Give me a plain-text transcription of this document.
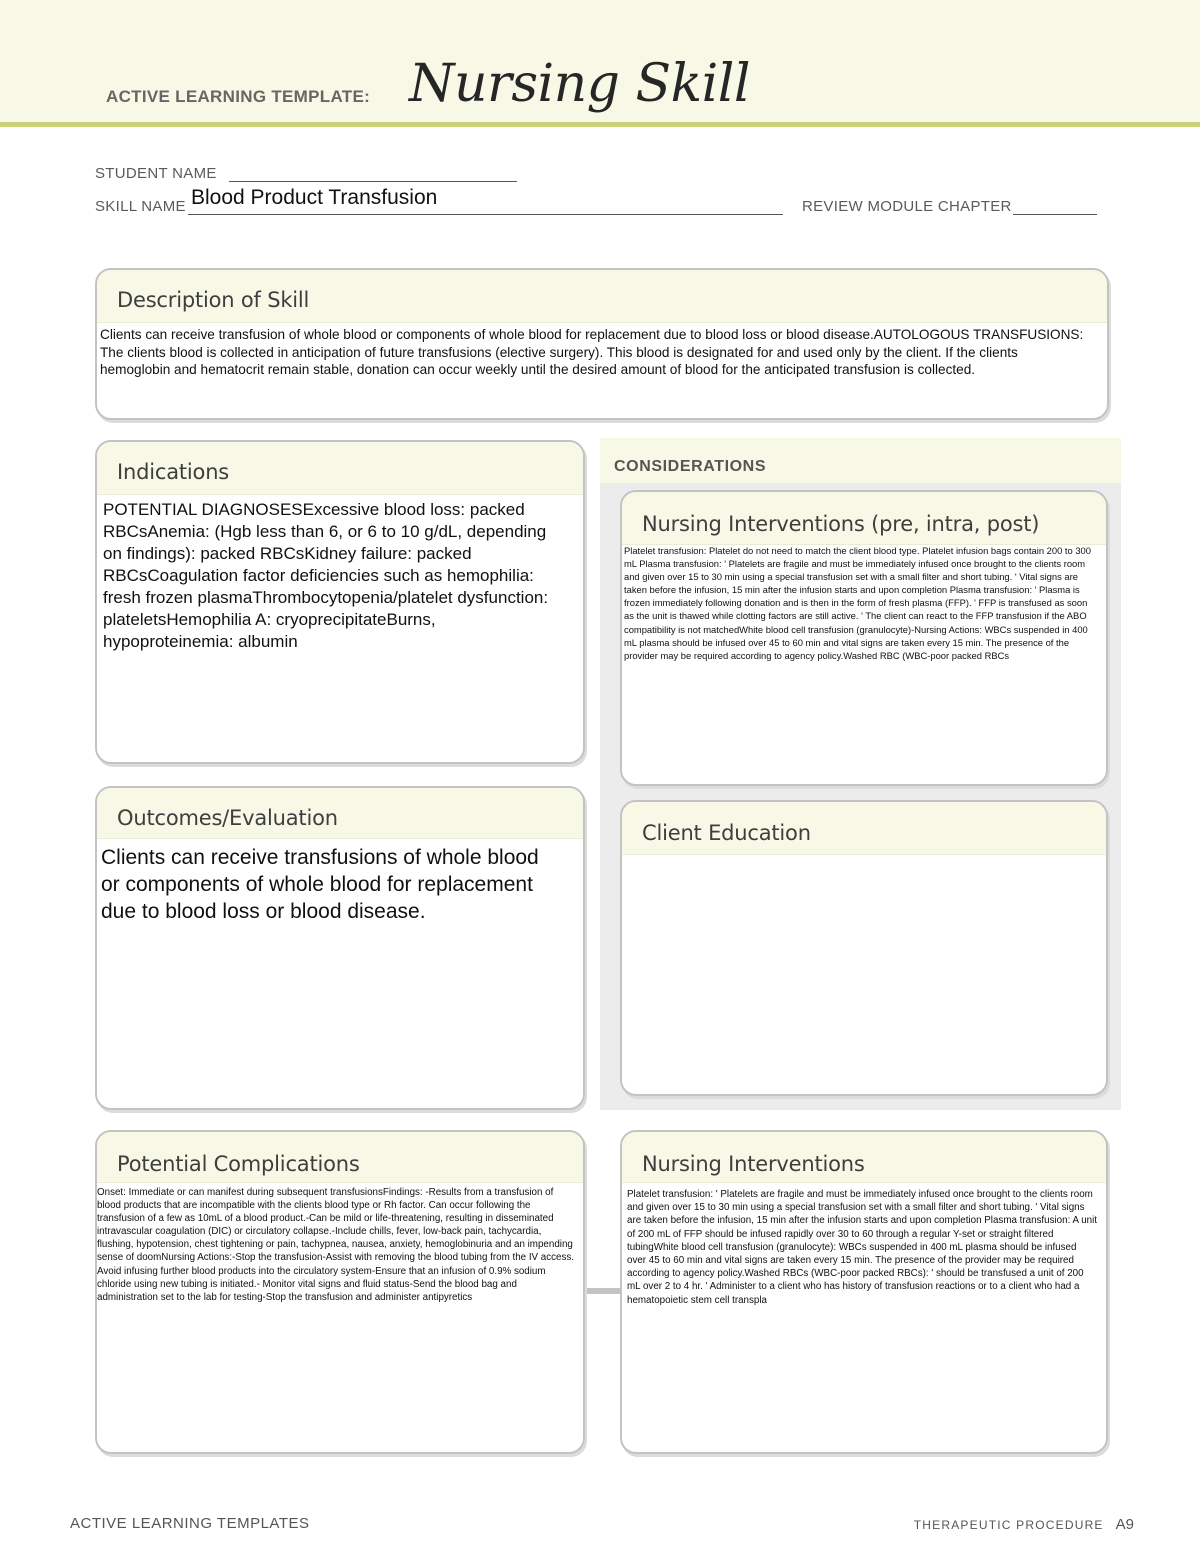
ACTIVE LEARNING TEMPLATE: Nursing Skill
STUDENT NAME
SKILL NAME Blood Product Transfusion	REVIEW MODULE CHAPTER
Description of Skill
Clients can receive transfusion of whole blood or components of whole blood for replacement due to blood loss or blood disease.AUTOLOGOUS TRANSFUSIONS: The clients blood is collected in anticipation of future transfusions (elective surgery). This blood is designated for and used only by the client. If the clients hemoglobin and hematocrit remain stable, donation can occur weekly until the desired amount of blood for the anticipated transfusion is collected.
CONSIDERATIONS
Indications
POTENTIAL DIAGNOSESExcessive blood loss: packed RBCsAnemia: (Hgb less than 6, or 6 to 10 g/dL, depending on findings): packed RBCsKidney failure: packed RBCsCoagulation factor deficiencies such as hemophilia: fresh frozen plasmaThrombocytopenia/platelet dysfunction: plateletsHemophilia A: cryoprecipitateBurns, hypoproteinemia: albumin
Nursing Interventions (pre, intra, post)
Platelet transfusion: Platelet do not need to match the client blood type. Platelet infusion bags contain 200 to 300 mL Plasma transfusion: ' Platelets are fragile and must be immediately infused once brought to the clients room and given over 15 to 30 min using a special transfusion set with a small filter and short tubing. ' Vital signs are taken before the infusion, 15 min after the infusion starts and upon completion Plasma transfusion: ' Plasma is frozen immediately following donation and is then in the form of fresh plasma (FFP). ' FFP is transfused as soon as the unit is thawed while clotting factors are still active. ' The client can react to the FFP transfusion if the ABO compatibility is not matchedWhite blood cell transfusion (granulocyte)-Nursing Actions: WBCs suspended in 400 mL plasma should be infused over 45 to 60 min and vital signs are taken every 15 min. The presence of the provider may be required according to agency policy.Washed RBC (WBC-poor packed RBCs
Outcomes/Evaluation
Clients can receive transfusions of whole blood or components of whole blood for replacement due to blood loss or blood disease.
Client Education
Potential Complications
Onset: Immediate or can manifest during subsequent transfusionsFindings: -Results from a transfusion of blood products that are incompatible with the clients blood type or Rh factor. Can occur following the transfusion of a few as 10mL of a blood product.-Can be mild or life-threatening, resulting in disseminated intravascular coagulation (DIC) or circulatory collapse.-Include chills, fever, low-back pain, tachycardia, flushing, hypotension, chest tightening or pain, tachypnea, nausea, anxiety, hemoglobinuria and an impending sense of doomNursing Actions:-Stop the transfusion-Assist with removing the blood tubing from the IV access. Avoid infusing further blood products into the circulatory system-Ensure that an infusion of 0.9% sodium chloride using new tubing is initiated.- Monitor vital signs and fluid status-Send the blood bag and administration set to the lab for testing-Stop the transfusion and administer antipyretics
Nursing Interventions
Platelet transfusion: ' Platelets are fragile and must be immediately infused once brought to the clients room and given over 15 to 30 min using a special transfusion set with a small filter and short tubing. ' Vital signs are taken before the infusion, 15 min after the infusion starts and upon completion Plasma transfusion: A unit of 200 mL of FFP should be infused rapidly over 30 to 60 through a regular Y-set or straight filtered tubingWhite blood cell transfusion (granulocyte): WBCs suspended in 400 mL plasma should be infused over 45 to 60 min and vital signs are taken every 15 min. The presence of the provider may be required according to agency policy.Washed RBCs (WBC-poor packed RBCs): ' should be transfused a unit of 200 mL over 2 to 4 hr. ' Administer to a client who has history of transfusion reactions or to a client who had a hematopoietic stem cell transpla
ACTIVE LEARNING TEMPLATES	THERAPEUTIC PROCEDURE A9
